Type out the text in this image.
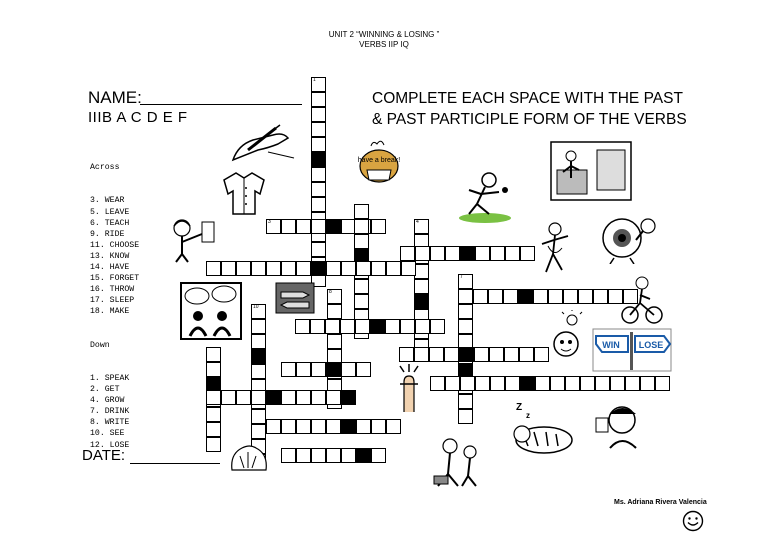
UNIT 2 “WINNING & LOSING ”
VERBS IIP IQ
NAME:
IIIB A C D E F
COMPLETE EACH SPACE WITH THE PAST
& PAST PARTICIPLE FORM OF THE VERBS

Across

3. WEAR
5. LEAVE
6. TEACH
9. RIDE
11. CHOOSE
13. KNOW
14. HAVE
15. FORGET
16. THROW
17. SLEEP
18. MAKE

Down

1. SPEAK
2. GET
4. GROW
7. DRINK
8. WRITE
10. SEE
12. LOSE

DATE:
Ms. Adriana Rivera Valencia
1
3	4
7
8
10
have a break!
WIN LOSE
Z
z
